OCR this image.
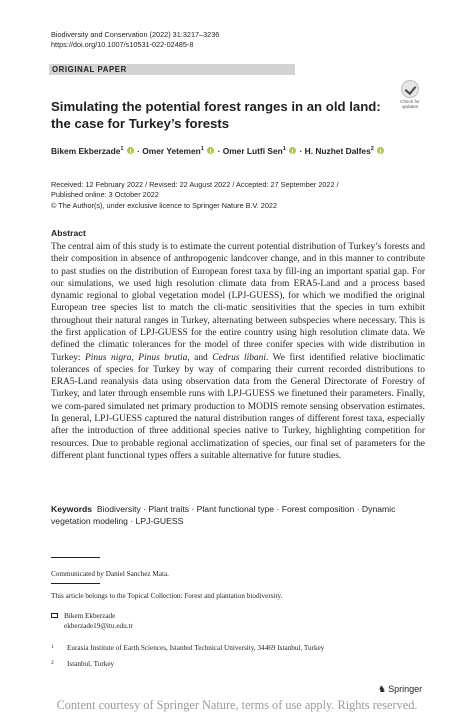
Biodiversity and Conservation (2022) 31:3217–3236
https://doi.org/10.1007/s10531-022-02485-8
ORIGINAL PAPER
Check for
updates
Simulating the potential forest ranges in an old land:
the case for Turkey’s forests
Bikem Ekberzade$^1$ · Omer Yetemen$^1$ · Omer Lutfi Sen$^1$ · H. Nuzhet Dalfes$^2$
Received: 12 February 2022 / Revised: 22 August 2022 / Accepted: 27 September 2022 /
Published online: 3 October 2022
© The Author(s), under exclusive licence to Springer Nature B.V. 2022
Abstract
The central aim of this study is to estimate the current potential distribution of Turkey’s forests and their composition in absence of anthropogenic landcover change, and in this manner to contribute to past studies on the distribution of European forest taxa by fill-ing an important spatial gap. For our simulations, we used high resolution climate data from ERA5-Land and a process based dynamic regional to global vegetation model (LPJ-GUESS), for which we modified the original European tree species list to match the cli-matic sensitivities that the species in turn exhibit throughout their natural ranges in Turkey, alternating between subspecies where necessary. This is the first application of LPJ-GUESS for the entire country using high resolution climate data. We defined the climatic tolerances for the model of three conifer species with wide distribution in Turkey: Pinus nigra, Pinus brutia, and Cedrus libani. We first identified relative bioclimatic tolerances of species for Turkey by way of comparing their current recorded distributions to ERA5-Land reanalysis data using observation data from the General Directorate of Forestry of Turkey, and later through ensemble runs with LPJ-GUESS we finetuned their parameters. Finally, we com-pared simulated net primary production to MODIS remote sensing observation estimates. In general, LPJ-GUESS captured the natural distribution ranges of different forest taxa, especially after the introduction of three additional species native to Turkey, highlighting competition for resources. Due to probable regional acclimatization of species, our final set of parameters for the different plant functional types offers a suitable alternative for future studies.
Keywords Biodiversity · Plant traits · Plant functional type · Forest composition · Dynamic vegetation modeling · LPJ-GUESS
Communicated by Daniel Sanchez Mata.
This article belongs to the Topical Collection: Forest and plantation biodiversity.
Bikem Ekberzade
ekberzade19@itu.edu.tr
1 Eurasia Institute of Earth Sciences, Istanbul Technical University, 34469 Istanbul, Turkey
2 Istanbul, Turkey
♞ Springer
Content courtesy of Springer Nature, terms of use apply. Rights reserved.
